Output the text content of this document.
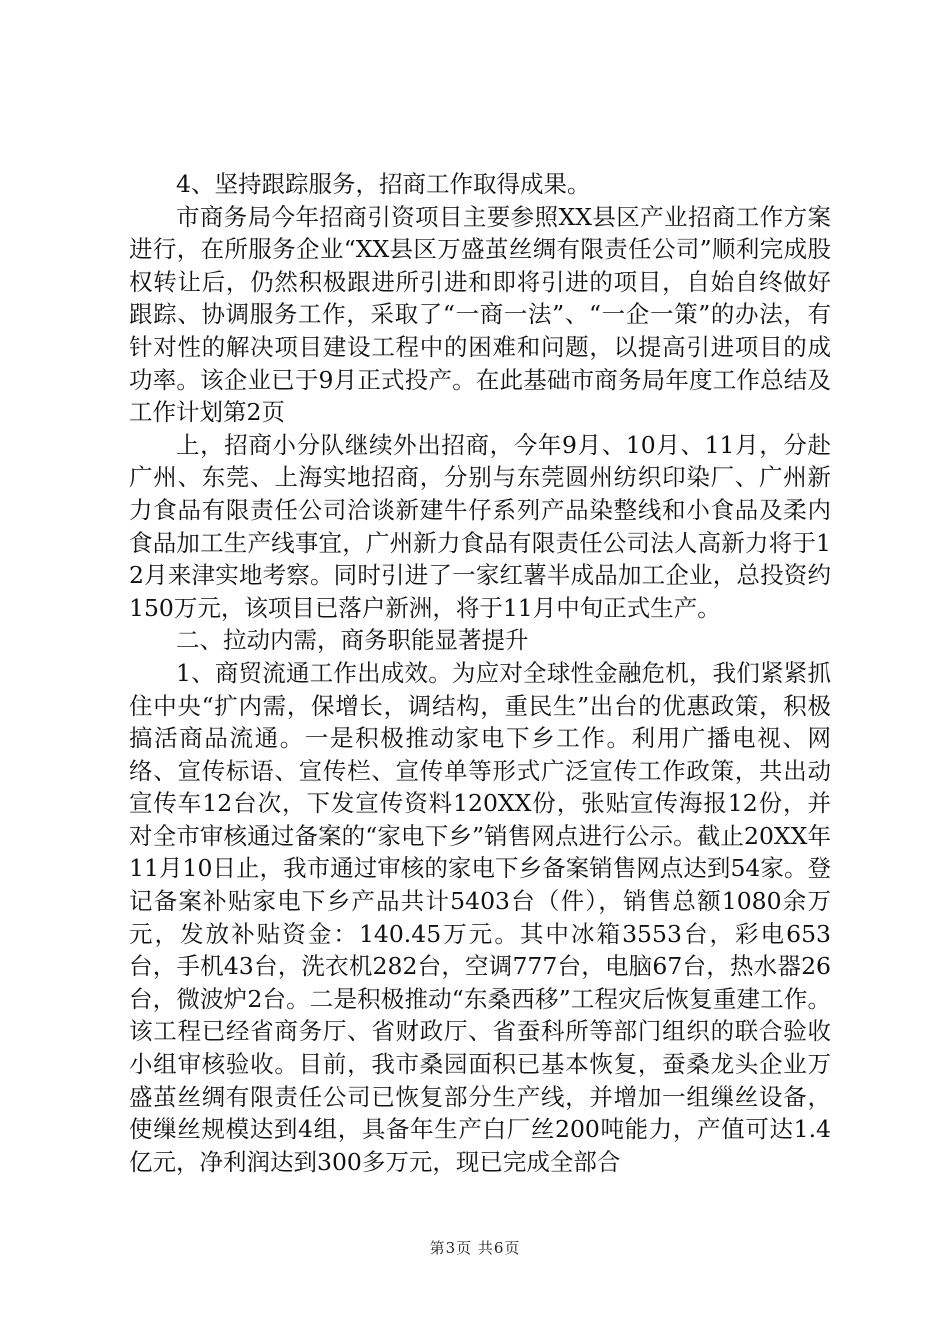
4、坚持跟踪服务，招商工作取得成果。

市商务局今年招商引资项目主要参照XX县区产业招商工作方案进行，在所服务企业“XX县区万盛茧丝绸有限责任公司”顺利完成股权转让后，仍然积极跟进所引进和即将引进的项目，自始自终做好跟踪、协调服务工作，采取了“一商一法”、“一企一策”的办法，有针对性的解决项目建设工程中的困难和问题，以提高引进项目的成功率。该企业已于9月正式投产。在此基础市商务局年度工作总结及工作计划第2页

上，招商小分队继续外出招商，今年9月、10月、11月，分赴广州、东莞、上海实地招商，分别与东莞圆州纺织印染厂、广州新力食品有限责任公司洽谈新建牛仔系列产品染整线和小食品及柔内食品加工生产线事宜，广州新力食品有限责任公司法人高新力将于12月来津实地考察。同时引进了一家红薯半成品加工企业，总投资约150万元，该项目已落户新洲，将于11月中旬正式生产。

二、拉动内需，商务职能显著提升

1、商贸流通工作出成效。为应对全球性金融危机，我们紧紧抓住中央“扩内需，保增长，调结构，重民生”出台的优惠政策，积极搞活商品流通。一是积极推动家电下乡工作。利用广播电视、网络、宣传标语、宣传栏、宣传单等形式广泛宣传工作政策，共出动宣传车12台次，下发宣传资料120XX份，张贴宣传海报12份，并对全市审核通过备案的“家电下乡”销售网点进行公示。截止20XX年11月10日止，我市通过审核的家电下乡备案销售网点达到54家。登记备案补贴家电下乡产品共计5403台（件），销售总额1080余万元，发放补贴资金：140.45万元。其中冰箱3553台，彩电653台，手机43台，洗衣机282台，空调777台，电脑67台，热水器26台，微波炉2台。二是积极推动“东桑西移”工程灾后恢复重建工作。该工程已经省商务厅、省财政厅、省蚕科所等部门组织的联合验收小组审核验收。目前，我市桑园面积已基本恢复，蚕桑龙头企业万盛茧丝绸有限责任公司已恢复部分生产线，并增加一组缫丝设备，使缫丝规模达到4组，具备年生产白厂丝200吨能力，产值可达1.4亿元，净利润达到300多万元，现已完成全部合

第3页 共6页
